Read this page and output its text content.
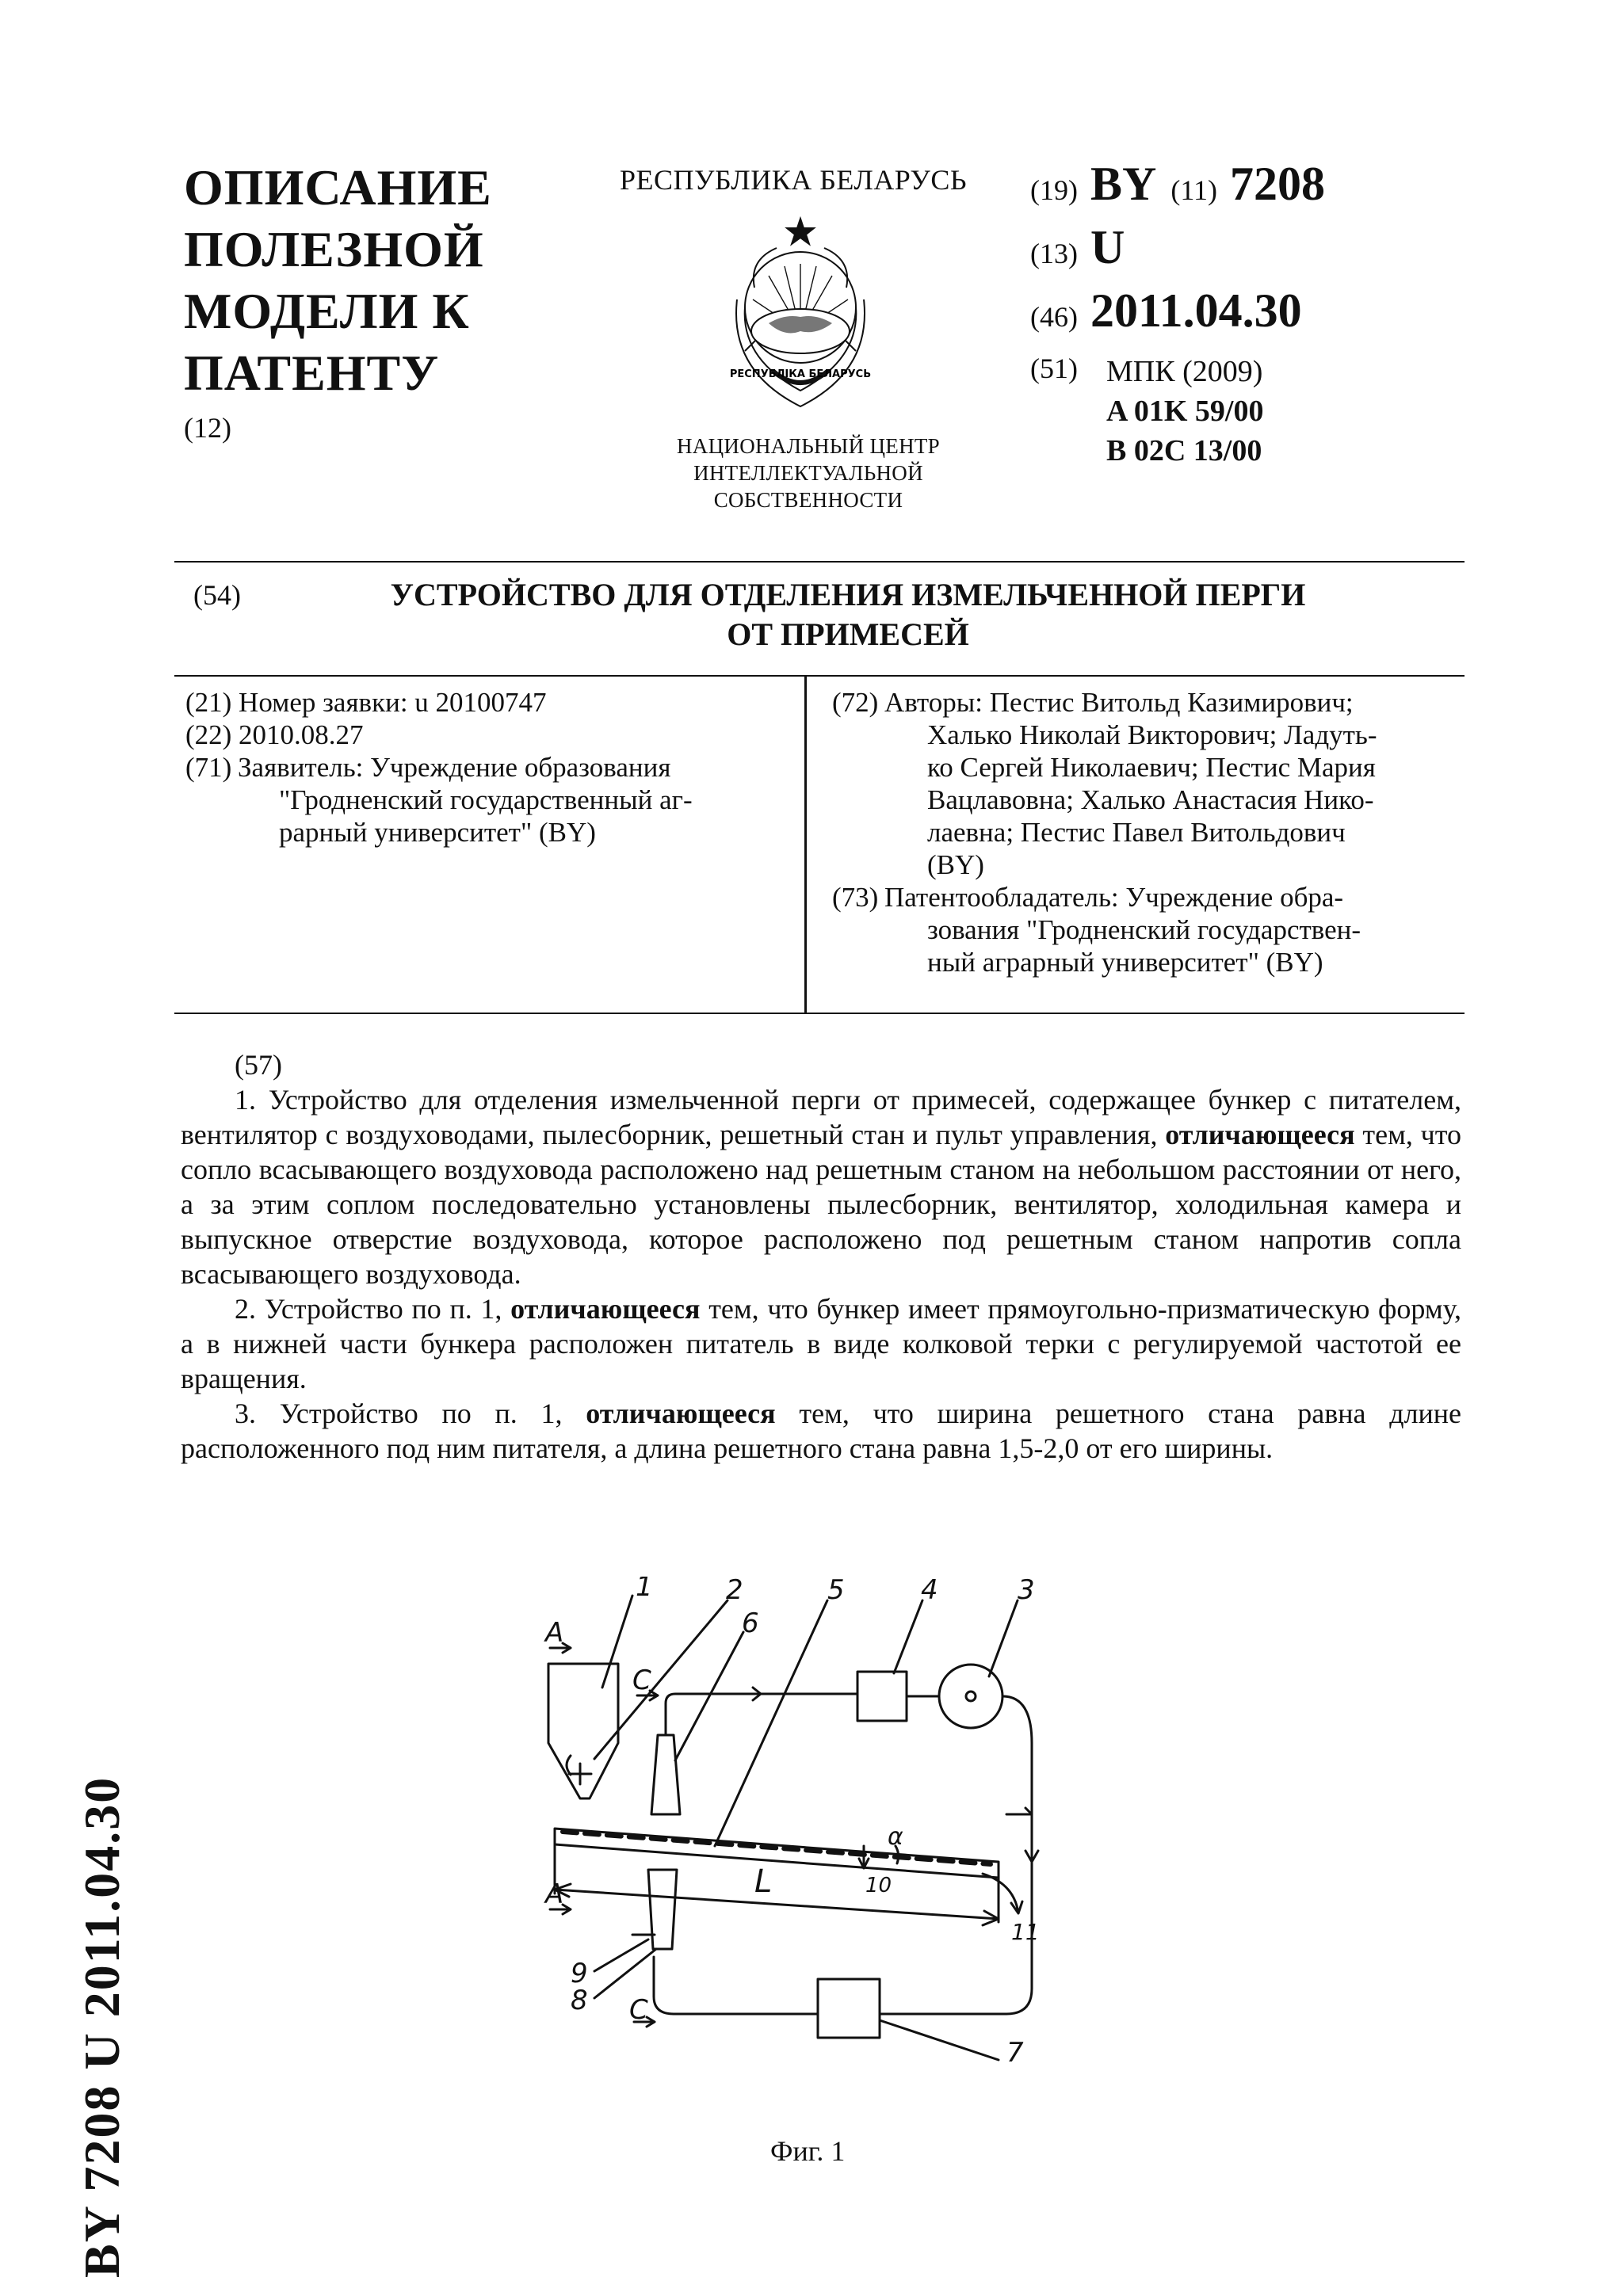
ОПИСАНИЕ
ПОЛЕЗНОЙ
МОДЕЛИ К
ПАТЕНТУ
(12)
РЕСПУБЛИКА БЕЛАРУСЬ
РЕСПУБЛІКА БЕЛАРУСЬ
НАЦИОНАЛЬНЫЙ ЦЕНТР
ИНТЕЛЛЕКТУАЛЬНОЙ
СОБСТВЕННОСТИ
(19) BY (11) 7208
(13) U
(46) 2011.04.30
(51) МПК (2009)
A 01K 59/00
B 02C 13/00
(54)	УСТРОЙСТВО ДЛЯ ОТДЕЛЕНИЯ ИЗМЕЛЬЧЕННОЙ ПЕРГИ
ОТ ПРИМЕСЕЙ
(21) Номер заявки: u 20100747
(22) 2010.08.27
(71) Заявитель: Учреждение образования
"Гродненский государственный аг-
рарный университет" (BY)
(72) Авторы: Пестис Витольд Казимирович;
Халько Николай Викторович; Ладуть-
ко Сергей Николаевич; Пестис Мария
Вацлавовна; Халько Анастасия Нико-
лаевна; Пестис Павел Витольдович
(BY)
(73) Патентообладатель: Учреждение обра-
зования "Гродненский государствен-
ный аграрный университет" (BY)

(57)

1. Устройство для отделения измельченной перги от примесей, содержащее бункер с питателем, вентилятор с воздуховодами, пылесборник, решетный стан и пульт управления, отличающееся тем, что сопло всасывающего воздуховода расположено над решетным станом на небольшом расстоянии от него, а за этим соплом последовательно установлены пылесборник, вентилятор, холодильная камера и выпускное отверстие воздуховода, которое расположено под решетным станом напротив сопла всасывающего воздуховода.

2. Устройство по п. 1, отличающееся тем, что бункер имеет прямоугольно-призматическую форму, а в нижней части бункера расположен питатель в виде колковой терки с регулируемой частотой ее вращения.

3. Устройство по п. 1, отличающееся тем, что ширина решетного стана равна длине расположенного под ним питателя, а длина решетного стана равна 1,5-2,0 от его ширины.

1	2	5	4	3
6
9
8
7
10
11
A
A
C
C
L
α
Фиг. 1
BY 7208 U 2011.04.30
